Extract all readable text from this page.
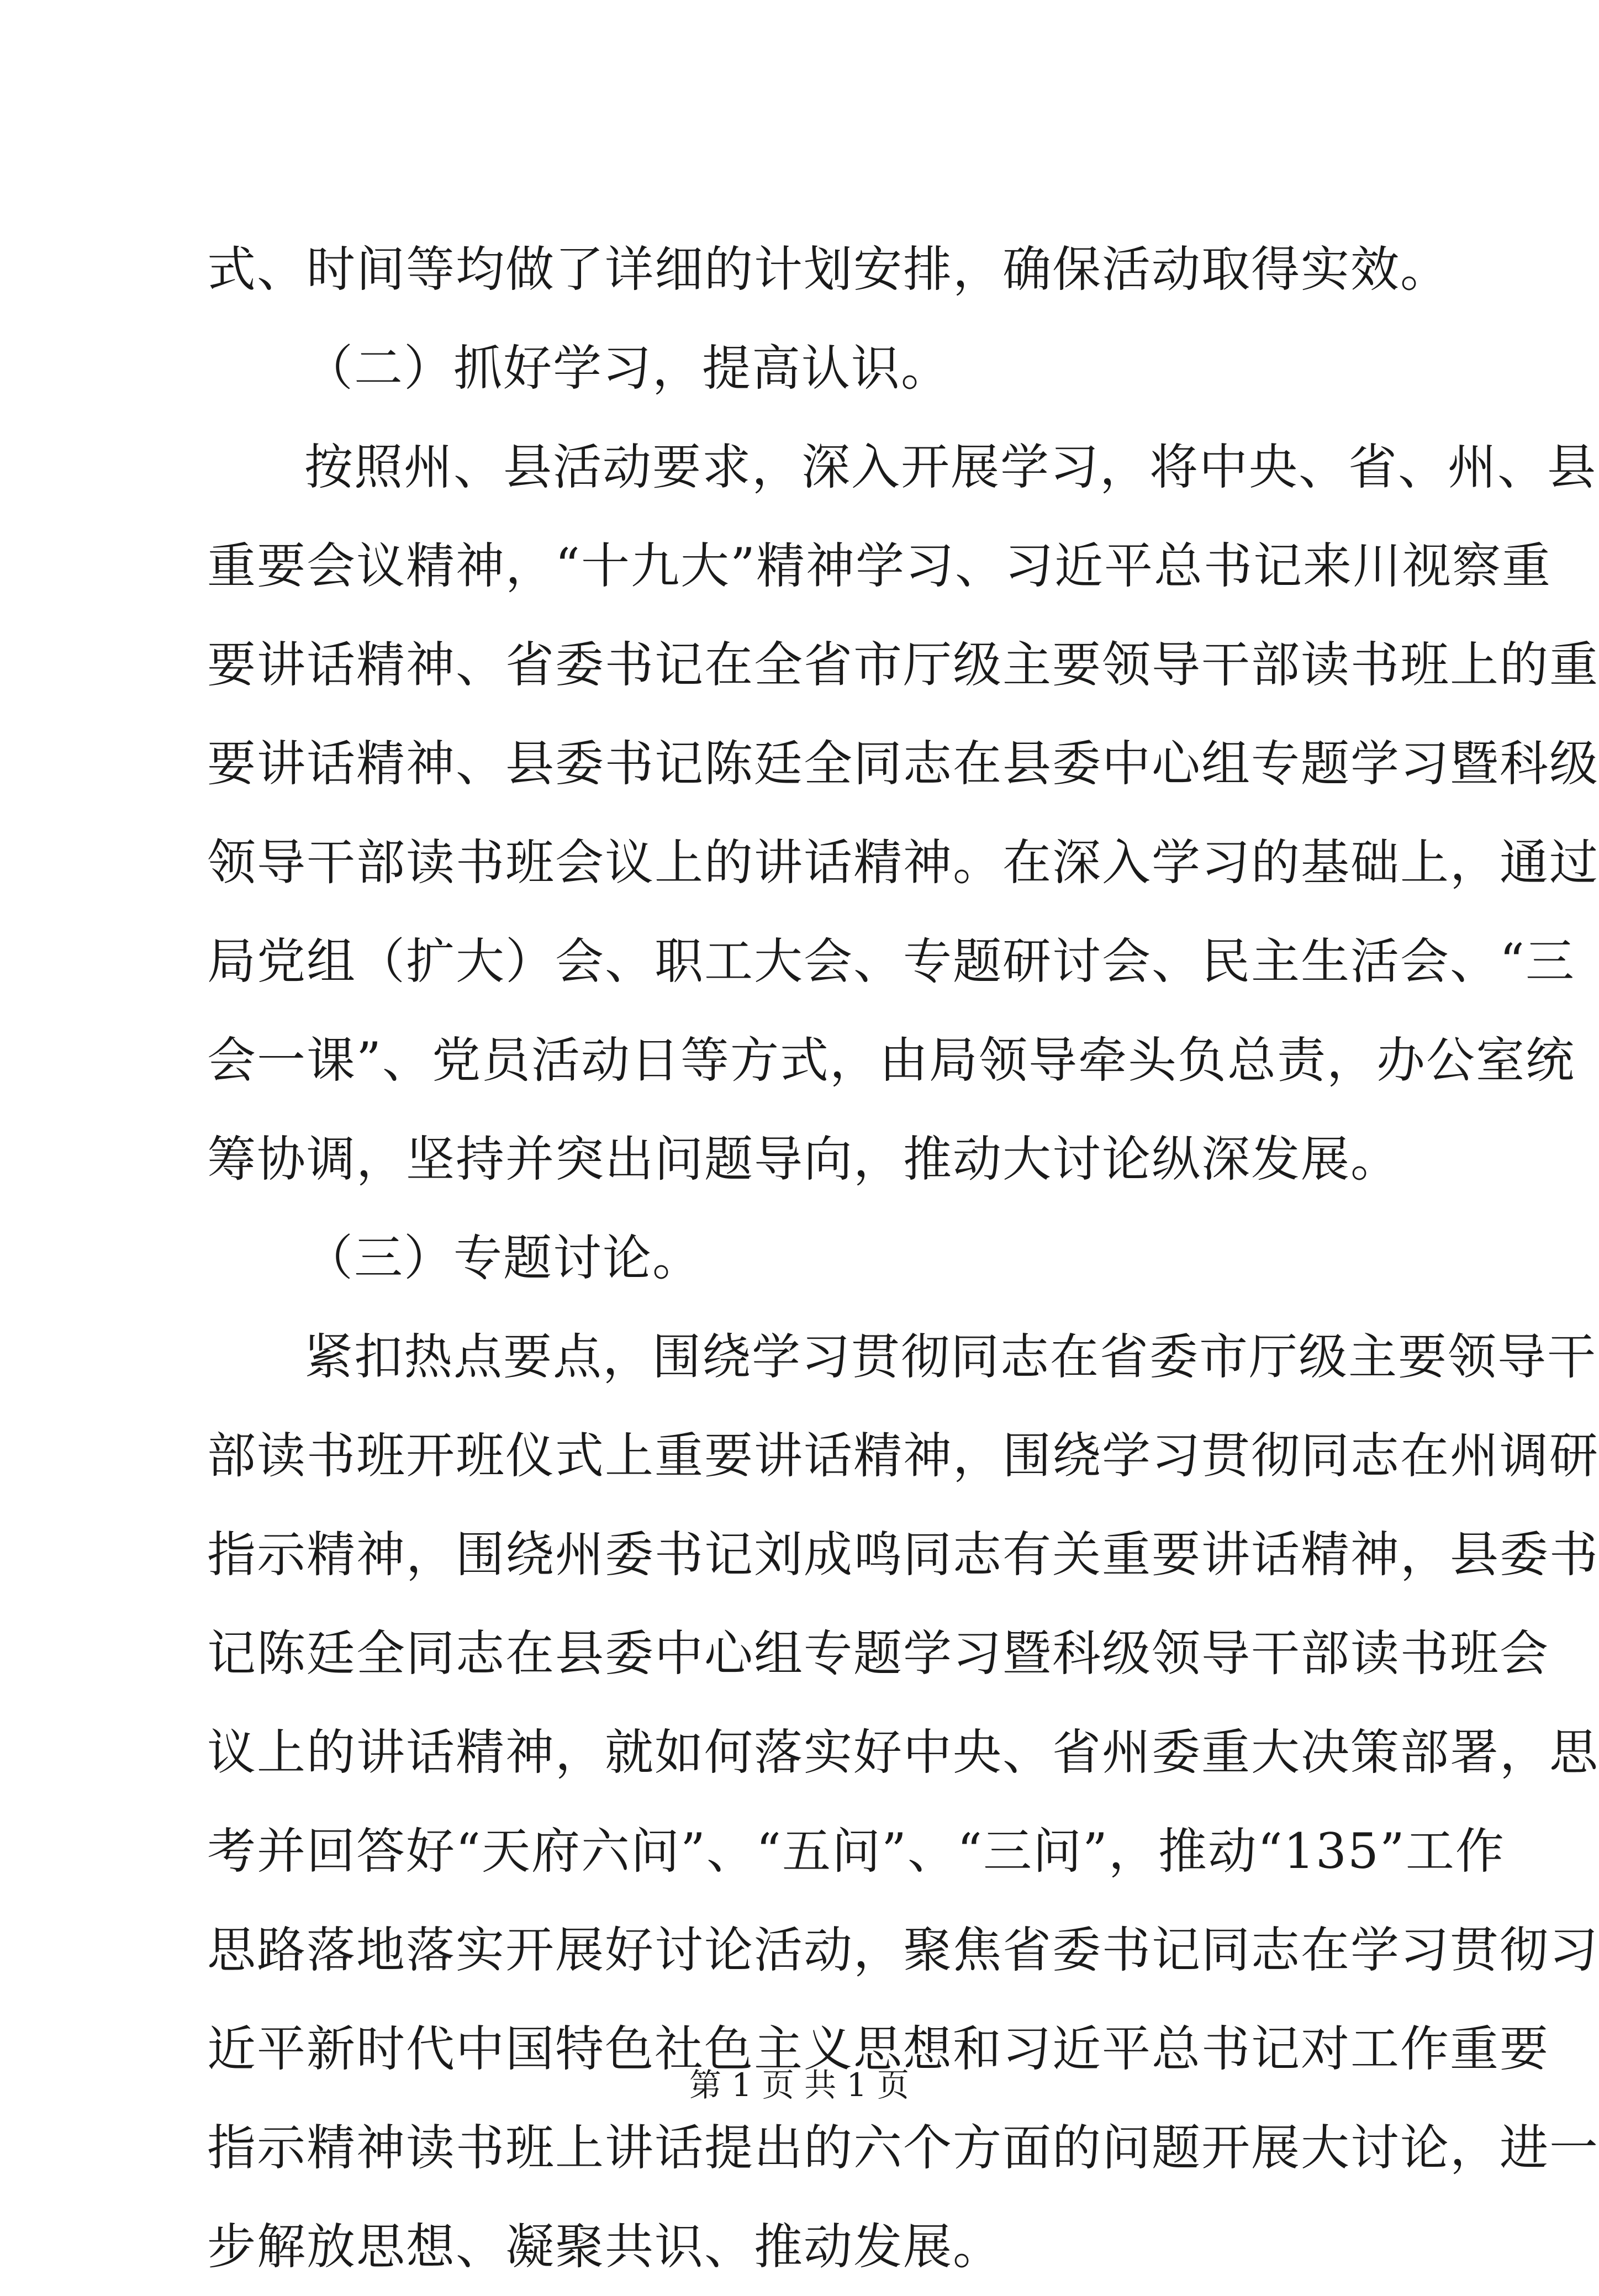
式、时间等均做了详细的计划安排，确保活动取得实效。
（二）抓好学习，提高认识。
按照州、县活动要求，深入开展学习，将中央、省、州、县
重要会议精神，“十九大”精神学习、习近平总书记来川视察重
要讲话精神、省委书记在全省市厅级主要领导干部读书班上的重
要讲话精神、县委书记陈廷全同志在县委中心组专题学习暨科级
领导干部读书班会议上的讲话精神。在深入学习的基础上，通过
局党组（扩大）会、职工大会、专题研讨会、民主生活会、“三
会一课”、党员活动日等方式，由局领导牵头负总责，办公室统
筹协调，坚持并突出问题导向，推动大讨论纵深发展。
（三）专题讨论。
紧扣热点要点，围绕学习贯彻同志在省委市厅级主要领导干
部读书班开班仪式上重要讲话精神，围绕学习贯彻同志在州调研
指示精神，围绕州委书记刘成鸣同志有关重要讲话精神，县委书
记陈廷全同志在县委中心组专题学习暨科级领导干部读书班会
议上的讲话精神，就如何落实好中央、省州委重大决策部署，思
考并回答好“天府六问”、“五问”、“三问”，推动“135”工作
思路落地落实开展好讨论活动，聚焦省委书记同志在学习贯彻习
近平新时代中国特色社色主义思想和习近平总书记对工作重要
指示精神读书班上讲话提出的六个方面的问题开展大讨论，进一
步解放思想、凝聚共识、推动发展。
第 1 页 共 1 页
